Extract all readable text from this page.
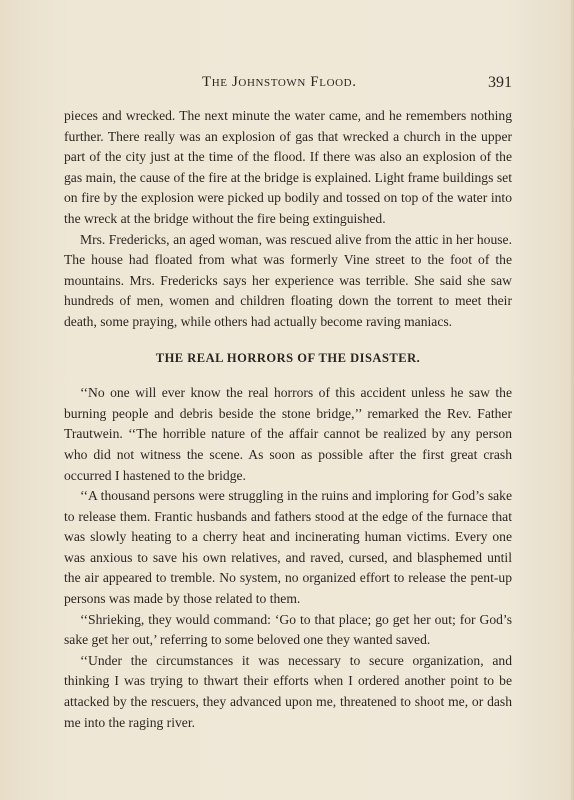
The Johnstown Flood.	391

pieces and wrecked. The next minute the water came, and he remembers nothing further. There really was an explosion of gas that wrecked a church in the upper part of the city just at the time of the flood. If there was also an explosion of the gas main, the cause of the fire at the bridge is explained. Light frame buildings set on fire by the explosion were picked up bodily and tossed on top of the water into the wreck at the bridge without the fire being extinguished.

Mrs. Fredericks, an aged woman, was rescued alive from the attic in her house. The house had floated from what was formerly Vine street to the foot of the mountains. Mrs. Fredericks says her experience was terrible. She said she saw hundreds of men, women and children floating down the torrent to meet their death, some praying, while others had actually become raving maniacs.

THE REAL HORRORS OF THE DISASTER.

‘‘No one will ever know the real horrors of this accident unless he saw the burning people and debris beside the stone bridge,’’ remarked the Rev. Father Trautwein. ‘‘The horrible nature of the affair cannot be realized by any person who did not witness the scene. As soon as possible after the first great crash occurred I hastened to the bridge.

‘‘A thousand persons were struggling in the ruins and imploring for God’s sake to release them. Frantic husbands and fathers stood at the edge of the furnace that was slowly heating to a cherry heat and incinerating human victims. Every one was anxious to save his own relatives, and raved, cursed, and blasphemed until the air appeared to tremble. No system, no organized effort to release the pent-up persons was made by those related to them.

‘‘Shrieking, they would command: ‘Go to that place; go get her out; for God’s sake get her out,’ referring to some beloved one they wanted saved.

‘‘Under the circumstances it was necessary to secure organization, and thinking I was trying to thwart their efforts when I ordered another point to be attacked by the rescuers, they advanced upon me, threatened to shoot me, or dash me into the raging river.
